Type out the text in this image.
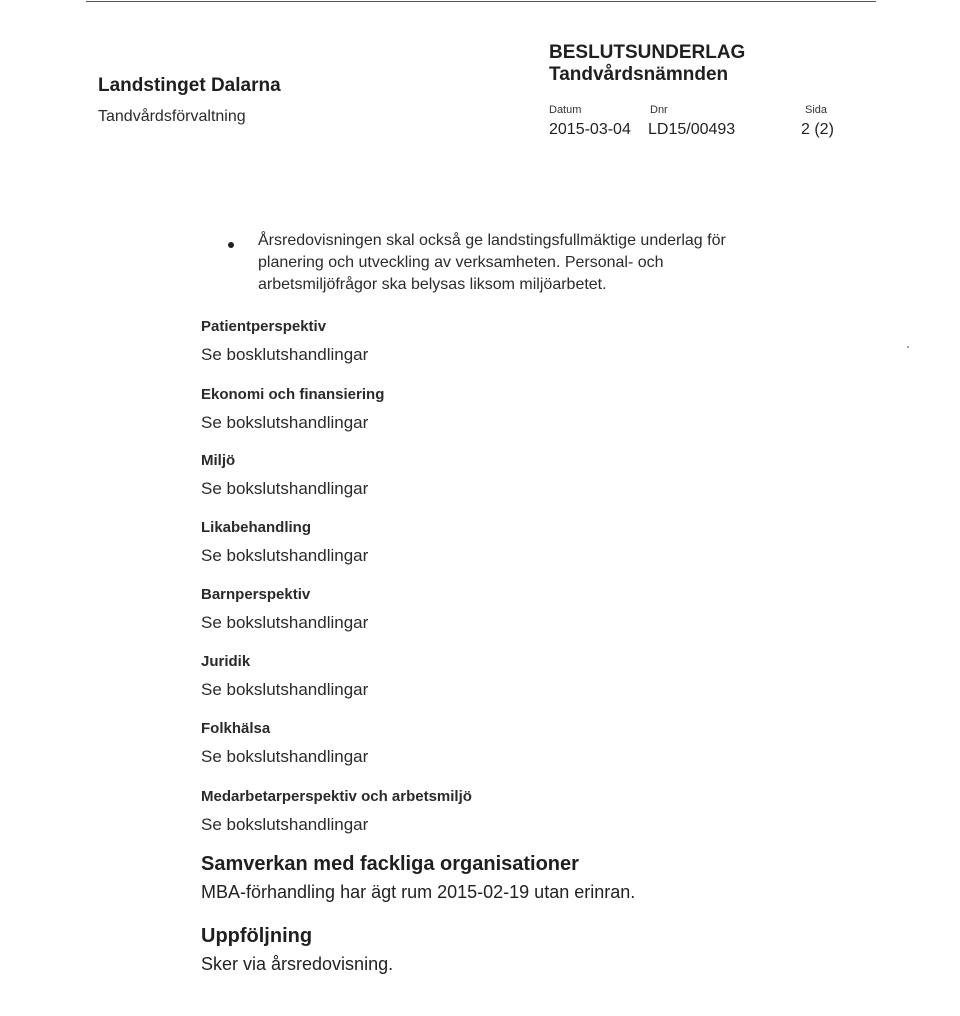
Landstinget Dalarna
Tandvårdsförvaltning
BESLUTSUNDERLAG
Tandvårdsnämnden
Datum	Dnr	Sida
2015-03-04 LD15/00493	2 (2)
Årsredovisningen skal också ge landstingsfullmäktige underlag för
planering och utveckling av verksamheten. Personal- och
arbetsmiljöfrågor ska belysas liksom miljöarbetet.
Patientperspektiv
Se bosklutshandlingar
Ekonomi och finansiering
Se bokslutshandlingar
Miljö
Se bokslutshandlingar
Likabehandling
Se bokslutshandlingar
Barnperspektiv
Se bokslutshandlingar
Juridik
Se bokslutshandlingar
Folkhälsa
Se bokslutshandlingar
Medarbetarperspektiv och arbetsmiljö
Se bokslutshandlingar
Samverkan med fackliga organisationer
MBA-förhandling har ägt rum 2015-02-19 utan erinran.
Uppföljning
Sker via årsredovisning.
